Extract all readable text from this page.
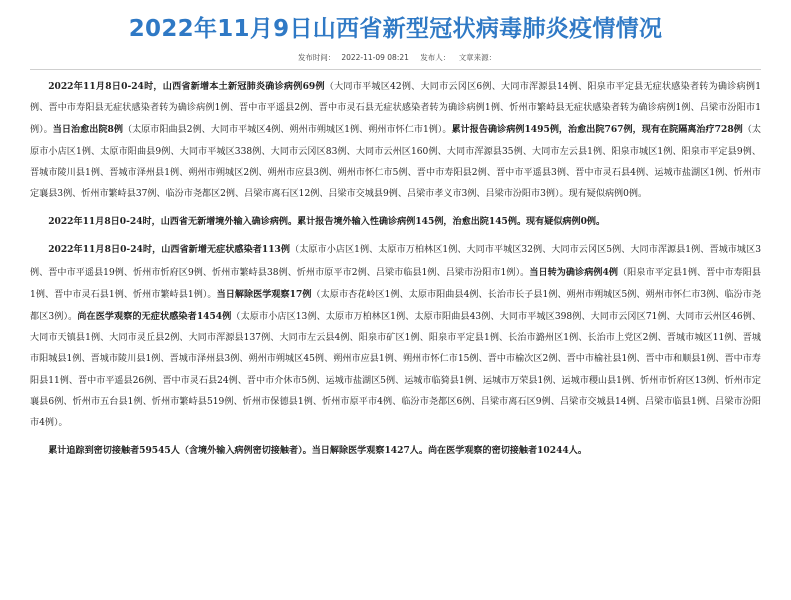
2022年11月9日山西省新型冠状病毒肺炎疫情情况
发布时间： 2022-11-09 08:21 发布人： 文章来源：

2022年11月8日0-24时，山西省新增本土新冠肺炎确诊病例69例（大同市平城区42例、大同市云冈区6例、大同市浑源县14例、阳泉市平定县无症状感染者转为确诊病例1例、晋中市寿阳县无症状感染者转为确诊病例1例、晋中市平遥县2例、晋中市灵石县无症状感染者转为确诊病例1例、忻州市繁峙县无症状感染者转为确诊病例1例、吕梁市汾阳市1例）。当日治愈出院8例（太原市阳曲县2例、大同市平城区4例、朔州市朔城区1例、朔州市怀仁市1例）。累计报告确诊病例1495例，治愈出院767例，现有在院隔离治疗728例（太原市小店区1例、太原市阳曲县9例、大同市平城区338例、大同市云冈区83例、大同市云州区160例、大同市浑源县35例、大同市左云县1例、阳泉市城区1例、阳泉市平定县9例、晋城市陵川县1例、晋城市泽州县1例、朔州市朔城区2例、朔州市应县3例、朔州市怀仁市5例、晋中市寿阳县2例、晋中市平遥县3例、晋中市灵石县4例、运城市盐湖区1例、忻州市定襄县3例、忻州市繁峙县37例、临汾市尧都区2例、吕梁市离石区12例、吕梁市交城县9例、吕梁市孝义市3例、吕梁市汾阳市3例）。现有疑似病例0例。

2022年11月8日0-24时，山西省无新增境外输入确诊病例。累计报告境外输入性确诊病例145例，治愈出院145例。现有疑似病例0例。

2022年11月8日0-24时，山西省新增无症状感染者113例（太原市小店区1例、太原市万柏林区1例、大同市平城区32例、大同市云冈区5例、大同市浑源县1例、晋城市城区3例、晋中市平遥县19例、忻州市忻府区9例、忻州市繁峙县38例、忻州市原平市2例、吕梁市临县1例、吕梁市汾阳市1例）。当日转为确诊病例4例（阳泉市平定县1例、晋中市寿阳县1例、晋中市灵石县1例、忻州市繁峙县1例）。当日解除医学观察17例（太原市杏花岭区1例、太原市阳曲县4例、长治市长子县1例、朔州市朔城区5例、朔州市怀仁市3例、临汾市尧都区3例）。尚在医学观察的无症状感染者1454例（太原市小店区13例、太原市万柏林区1例、太原市阳曲县43例、大同市平城区398例、大同市云冈区71例、大同市云州区46例、大同市天镇县1例、大同市灵丘县2例、大同市浑源县137例、大同市左云县4例、阳泉市矿区1例、阳泉市平定县1例、长治市潞州区1例、长治市上党区2例、晋城市城区11例、晋城市阳城县1例、晋城市陵川县1例、晋城市泽州县3例、朔州市朔城区45例、朔州市应县1例、朔州市怀仁市15例、晋中市榆次区2例、晋中市榆社县1例、晋中市和顺县1例、晋中市寿阳县11例、晋中市平遥县26例、晋中市灵石县24例、晋中市介休市5例、运城市盐湖区5例、运城市临猗县1例、运城市万荣县1例、运城市稷山县1例、忻州市忻府区13例、忻州市定襄县6例、忻州市五台县1例、忻州市繁峙县519例、忻州市保德县1例、忻州市原平市4例、临汾市尧都区6例、吕梁市离石区9例、吕梁市交城县14例、吕梁市临县1例、吕梁市汾阳市4例）。

累计追踪到密切接触者59545人（含境外输入病例密切接触者）。当日解除医学观察1427人。尚在医学观察的密切接触者10244人。
